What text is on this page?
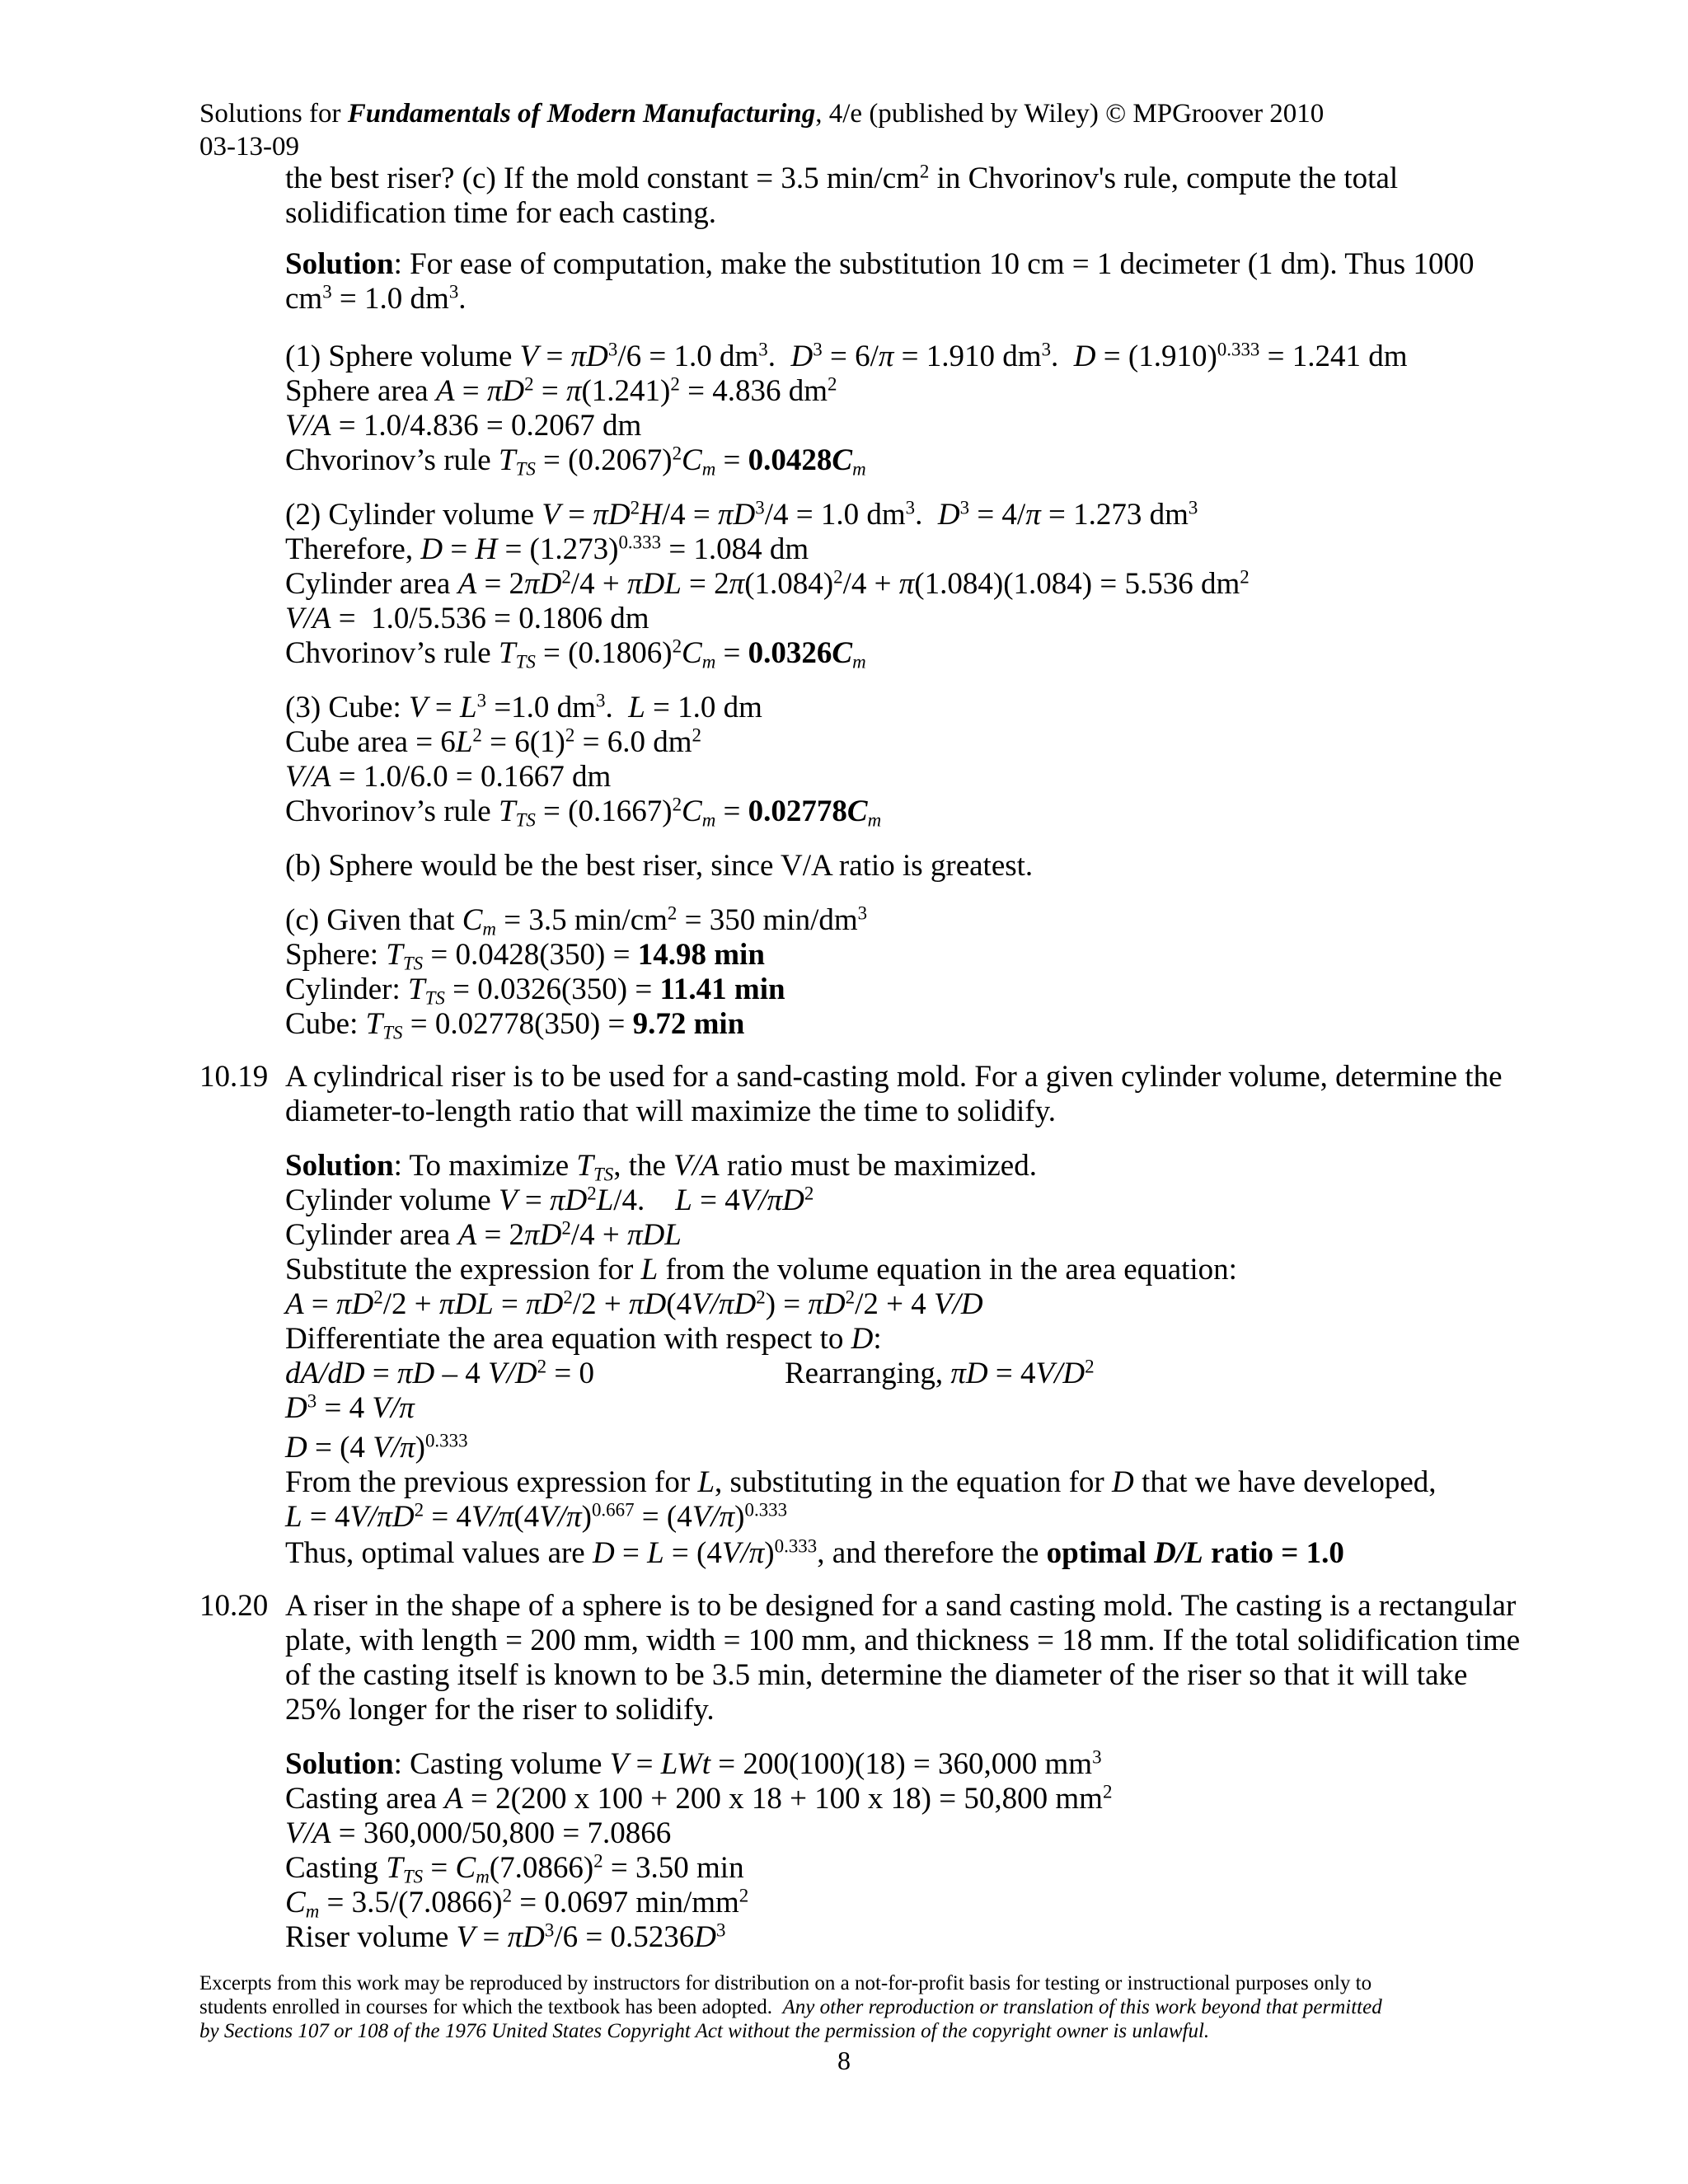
Solutions for Fundamentals of Modern Manufacturing, 4/e (published by Wiley) © MPGroover 2010
03-13-09
the best riser? (c) If the mold constant = 3.5 $\min/cm^2$ in Chvorinov's rule, compute the total
solidification time for each casting.
Solution: For ease of computation, make the substitution 10 cm = 1 decimeter (1 dm). Thus 1000
$cm^3 = 1.0$ $dm^3$.
(1) Sphere volume $V = \pi D^3/6 = 1.0$ $dm^3$.  $D^3 = 6/\pi = 1.910$ $dm^3$.  $D = (1.910)^{0.333} = 1.241$ dm
Sphere area $A = \pi D^2 = \pi(1.241)^2 = 4.836$ $dm^2$
V/A = 1.0/4.836 = 0.2067 dm
Chvorinov’s rule $T_{TS} = (0.2067)^2C_m = 0.0428C_m$
(2) Cylinder volume $V = \pi D^2H/4 = \pi D^3/4 = 1.0$ $dm^3$.  $D^3 = 4/\pi = 1.273$ $dm^3$
Therefore, $D = H = (1.273)^{0.333} = 1.084$ dm
Cylinder area $A = 2\pi D^2/4 + \pi DL = 2\pi(1.084)^2/4 + \pi(1.084)(1.084) = 5.536$ $dm^2$
V/A =  1.0/5.536 = 0.1806 dm
Chvorinov’s rule $T_{TS} = (0.1806)^2C_m = 0.0326C_m$
(3) Cube: $V = L^3 =1.0$ $dm^3$.  L = 1.0 dm
Cube area = $6L^2 = 6(1)^2 = 6.0$ $dm^2$
V/A = 1.0/6.0 = 0.1667 dm
Chvorinov’s rule $T_{TS} = (0.1667)^2C_m = 0.02778C_m$
(b) Sphere would be the best riser, since V/A ratio is greatest.
(c) Given that $C_m = 3.5$ $\min/cm^2 = 350$ $\min/dm^3$
Sphere: $T_{TS} = 0.0428(350) = 14.98$ min
Cylinder: $T_{TS} = 0.0326(350) = 11.41$ min
Cube: $T_{TS} = 0.02778(350) = 9.72$ min
A cylindrical riser is to be used for a sand-casting mold. For a given cylinder volume, determine the
diameter-to-length ratio that will maximize the time to solidify.
Solution: To maximize $T_{TS}$, the V/A ratio must be maximized.
Cylinder volume $V = \pi D^2L/4$.    $L = 4V/\pi D^2$
Cylinder area $A = 2\pi D^2/4 + \pi DL$
Substitute the expression for L from the volume equation in the area equation:
$A = \pi D^2/2 + \pi DL = \pi D^2/2 + \pi D(4V/\pi D^2) = \pi D^2/2 + 4$ V/D
Differentiate the area equation with respect to D:
dA/dD = πD – 4 $V/D^2 = 0$
$D^3 = 4$ V/π
D = (4 V/π)$^{0.333}$
From the previous expression for L, substituting in the equation for D that we have developed,
$L = 4V/\pi D^2 = 4V/\pi(4V/\pi)^{0.667} = (4V/\pi)^{0.333}$
Thus, optimal values are $D = L = (4V/\pi)^{0.333}$, and therefore the optimal D/L ratio = 1.0
A riser in the shape of a sphere is to be designed for a sand casting mold. The casting is a rectangular
plate, with length = 200 mm, width = 100 mm, and thickness = 18 mm. If the total solidification time
of the casting itself is known to be 3.5 min, determine the diameter of the riser so that it will take
25% longer for the riser to solidify.
Solution: Casting volume V = LWt = 200(100)(18) = 360,000 $mm^3$
Casting area A = 2(200 x 100 + 200 x 18 + 100 x 18) = 50,800 $mm^2$
V/A = 360,000/50,800 = 7.0866
Casting $T_{TS} = C_m(7.0866)^2 = 3.50$ min
$C_m = 3.5/(7.0866)^2 = 0.0697$ $\min/mm^2$
Riser volume $V = \pi D^3/6 = 0.5236D^3$
Rearranging, $\pi D = 4V/D^2$
10.19
10.20
Excerpts from this work may be reproduced by instructors for distribution on a not-for-profit basis for testing or instructional purposes only to
students enrolled in courses for which the textbook has been adopted.  Any other reproduction or translation of this work beyond that permitted
by Sections 107 or 108 of the 1976 United States Copyright Act without the permission of the copyright owner is unlawful.
8
